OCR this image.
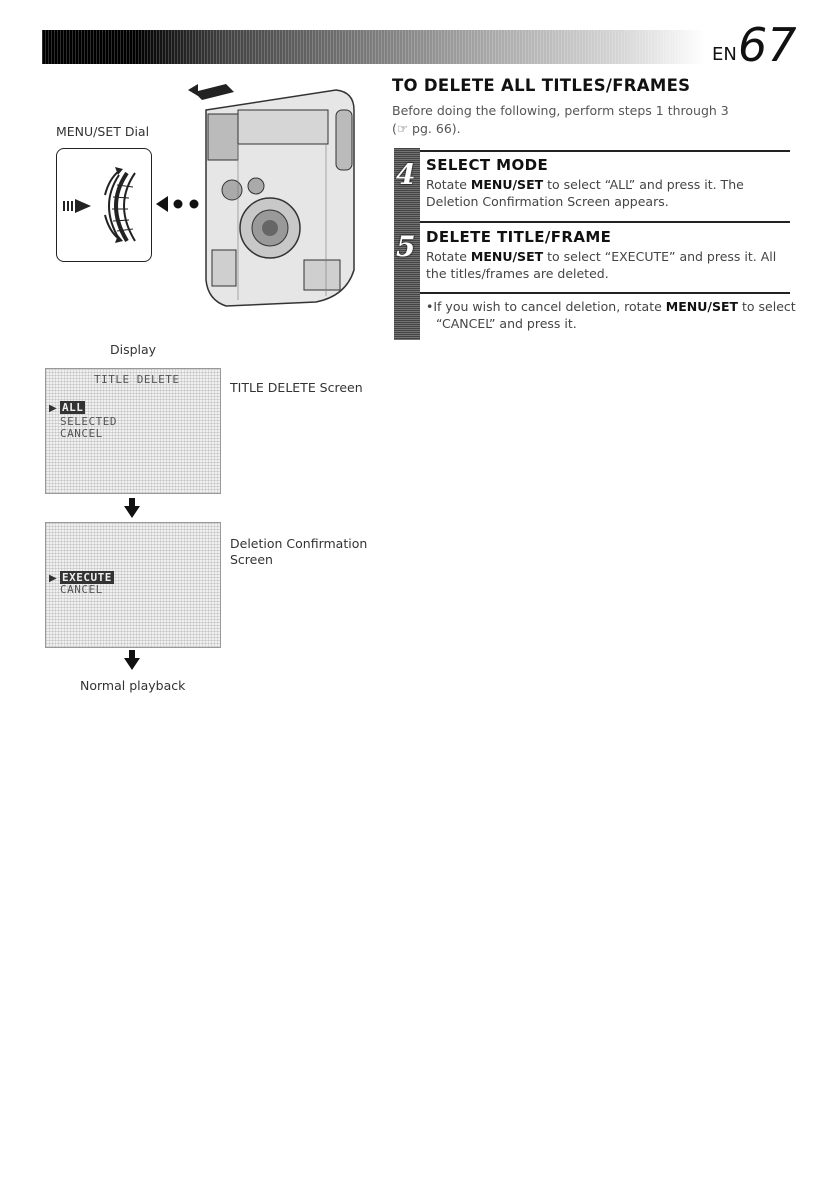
EN 67
MENU/SET Dial
Display
TITLE DELETE
▶ ALL
SELECTED
CANCEL
TITLE DELETE Screen
▶ EXECUTE
CANCEL
Deletion Confirmation
Screen
Normal playback
TO DELETE ALL TITLES/FRAMES
Before doing the following, perform steps 1 through 3
(☞ pg. 66).
4
5
SELECT MODE
Rotate MENU/SET to select “ALL” and press it. The Deletion Confirmation Screen appears.
DELETE TITLE/FRAME
Rotate MENU/SET to select “EXECUTE” and press it. All the titles/frames are deleted.
•If you wish to cancel deletion, rotate MENU/SET to select “CANCEL” and press it.
